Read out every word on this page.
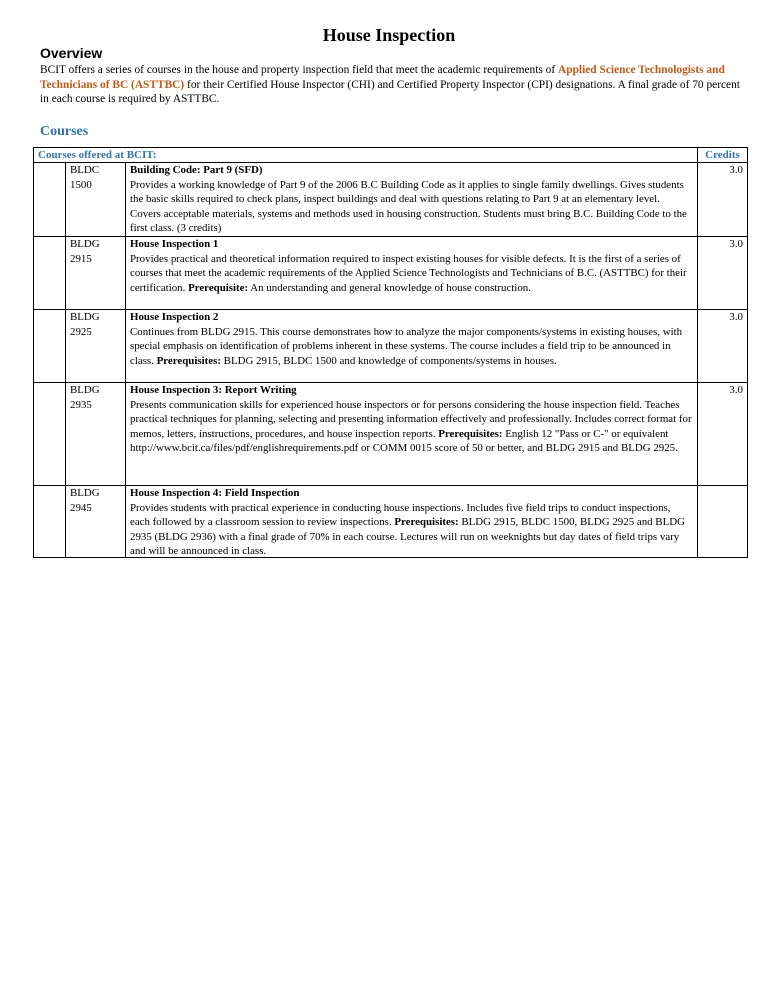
House Inspection
Overview
BCIT offers a series of courses in the house and property inspection field that meet the academic requirements of Applied Science Technologists and Technicians of BC (ASTTBC) for their Certified House Inspector (CHI) and Certified Property Inspector (CPI) designations. A final grade of 70 percent in each course is required by ASTTBC.
Courses
Courses offered at BCIT:			Credits
	BLDC 1500	Building Code: Part 9 (SFD)
Provides a working knowledge of Part 9 of the 2006 B.C Building Code as it applies to single family dwellings. Gives students the basic skills required to check plans, inspect buildings and deal with questions relating to Part 9 at an elementary level. Covers acceptable materials, systems and methods used in housing construction. Students must bring B.C. Building Code to the first class. (3 credits)	3.0
	BLDG 2915	House Inspection 1
Provides practical and theoretical information required to inspect existing houses for visible defects. It is the first of a series of courses that meet the academic requirements of the Applied Science Technologists and Technicians of B.C. (ASTTBC) for their certification. Prerequisite: An understanding and general knowledge of house construction.	3.0
	BLDG 2925	House Inspection 2
Continues from BLDG 2915. This course demonstrates how to analyze the major components/systems in existing houses, with special emphasis on identification of problems inherent in these systems. The course includes a field trip to be announced in class. Prerequisites: BLDG 2915, BLDC 1500 and knowledge of components/systems in houses.	3.0
	BLDG 2935	House Inspection 3: Report Writing
Presents communication skills for experienced house inspectors or for persons considering the house inspection field. Teaches practical techniques for planning, selecting and presenting information effectively and professionally. Includes correct format for memos, letters, instructions, procedures, and house inspection reports. Prerequisites: English 12 "Pass or C-" or equivalent http://www.bcit.ca/files/pdf/englishrequirements.pdf or COMM 0015 score of 50 or better, and BLDG 2915 and BLDG 2925.	3.0
	BLDG 2945	House Inspection 4: Field Inspection
Provides students with practical experience in conducting house inspections. Includes five field trips to conduct inspections, each followed by a classroom session to review inspections. Prerequisites: BLDG 2915, BLDC 1500, BLDG 2925 and BLDG 2935 (BLDG 2936) with a final grade of 70% in each course. Lectures will run on weeknights but day dates of field trips vary and will be announced in class.	
